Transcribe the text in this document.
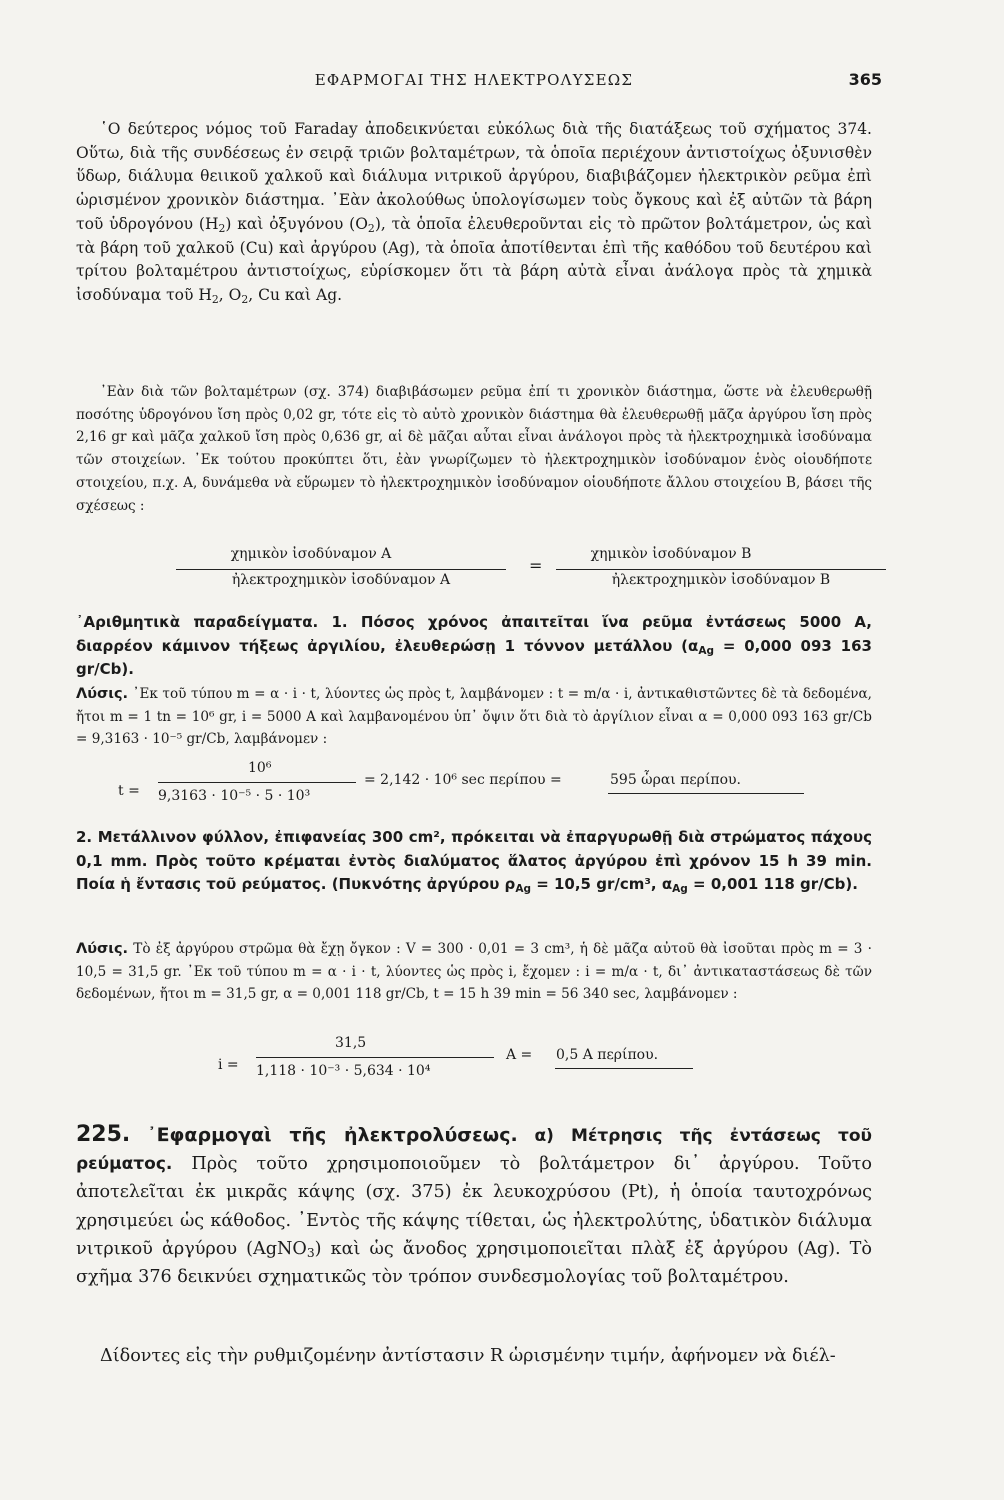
ΕΦΑΡΜΟΓΑΙ ΤΗΣ ΗΛΕΚΤΡΟΛΥΣΕΩΣ	365

῾Ο δεύτερος νόμος τοῦ Faraday ἀποδεικνύεται εὐκόλως διὰ τῆς διατάξεως τοῦ σχήματος 374. Οὕτω, διὰ τῆς συνδέσεως ἐν σειρᾷ τριῶν βολταμέτρων, τὰ ὁποῖα περιέχουν ἀντιστοίχως ὀξυνισθὲν ὕδωρ, διάλυμα θειικοῦ χαλκοῦ καὶ διάλυμα νιτρικοῦ ἀργύρου, διαβιβάζομεν ἠλεκτρικὸν ρεῦμα ἐπὶ ὡρισμένον χρονικὸν διάστημα. ᾿Εὰν ἀκολούθως ὑπολογίσωμεν τοὺς ὄγκους καὶ ἐξ αὐτῶν τὰ βάρη τοῦ ὑδρογόνου $(H_2)$ καὶ ὀξυγόνου $(O_2)$, τὰ ὁποῖα ἐλευθεροῦνται εἰς τὸ πρῶτον βολτάμετρον, ὡς καὶ τὰ βάρη τοῦ χαλκοῦ (Cu) καὶ ἀργύρου (Ag), τὰ ὁποῖα ἀποτίθενται ἐπὶ τῆς καθόδου τοῦ δευτέρου καὶ τρίτου βολταμέτρου ἀντιστοίχως, εὑρίσκομεν ὅτι τὰ βάρη αὐτὰ εἶναι ἀνάλογα πρὸς τὰ χημικὰ ἰσοδύναμα τοῦ $H_2$, $O_2$, Cu καὶ Ag.

᾿Εὰν διὰ τῶν βολταμέτρων (σχ. 374) διαβιβάσωμεν ρεῦμα ἐπί τι χρονικὸν διάστημα, ὥστε νὰ ἐλευθερωθῇ ποσότης ὑδρογόνου ἴση πρὸς 0,02 gr, τότε εἰς τὸ αὐτὸ χρονικὸν διάστημα θὰ ἐλευθερωθῇ μᾶζα ἀργύρου ἴση πρὸς 2,16 gr καὶ μᾶζα χαλκοῦ ἴση πρὸς 0,636 gr, αἱ δὲ μᾶζαι αὗται εἶναι ἀνάλογοι πρὸς τὰ ἠλεκτροχημικὰ ἰσοδύναμα τῶν στοιχείων. ᾿Εκ τούτου προκύπτει ὅτι, ἐὰν γνωρίζωμεν τὸ ἠλεκτροχημικὸν ἰσοδύναμον ἑνὸς οἱουδήποτε στοιχείου, π.χ. A, δυνάμεθα νὰ εὕρωμεν τὸ ἠλεκτροχημικὸν ἰσοδύναμον οἱουδήποτε ἄλλου στοιχείου B, βάσει τῆς σχέσεως :

χημικὸν ἰσοδύναμον A
ἠλεκτροχημικὸν ἰσοδύναμον A
=
χημικὸν ἰσοδύναμον B
ἠλεκτροχημικὸν ἰσοδύναμον B

᾿Αριθμητικὰ παραδείγματα. 1. Πόσος χρόνος ἀπαιτεῖται ἵνα ρεῦμα ἐντάσεως 5000 A, διαρρέον κάμινον τήξεως ἀργιλίου, ἐλευθερώσῃ 1 τόννον μετάλλου ($\alpha_{Ag} = 0,000$ 093 163 gr/Cb).

Λύσις. ᾿Εκ τοῦ τύπου m = α · i · t, λύοντες ὡς πρὸς t, λαμβάνομεν : t = m/α · i, ἀντικαθιστῶντες δὲ τὰ δεδομένα, ἤτοι m = 1 tn = 10⁶ gr, i = 5000 A καὶ λαμβανομένου ὑπ᾿ ὄψιν ὅτι διὰ τὸ ἀργίλιον εἶναι α = 0,000 093 163 gr/Cb = 9,3163 · 10⁻⁵ gr/Cb, λαμβάνομεν :

t =
10⁶
9,3163 · 10⁻⁵ · 5 · 10³
= 2,142 · 10⁶ sec περίπου =	595 ὧραι περίπου.

2. Μετάλλινον φύλλον, ἐπιφανείας 300 cm², πρόκειται νὰ ἐπαργυρωθῇ διὰ στρώματος πάχους 0,1 mm. Πρὸς τοῦτο κρέμαται ἐντὸς διαλύματος ἅλατος ἀργύρου ἐπὶ χρόνον 15 h 39 min. Ποία ἡ ἔντασις τοῦ ρεύματος. (Πυκνότης ἀργύρου $\rho_{Ag} = 10,5$ gr/cm³, $\alpha_{Ag} = 0,001$ 118 gr/Cb).

Λύσις. Τὸ ἐξ ἀργύρου στρῶμα θὰ ἔχῃ ὄγκον : V = 300 · 0,01 = 3 cm³, ἡ δὲ μᾶζα αὐτοῦ θὰ ἰσοῦται πρὸς m = 3 · 10,5 = 31,5 gr. ᾿Εκ τοῦ τύπου m = α · i · t, λύοντες ὡς πρὸς i, ἔχομεν : i = m/α · t, δι᾿ ἀντικαταστάσεως δὲ τῶν δεδομένων, ἤτοι m = 31,5 gr, α = 0,001 118 gr/Cb, t = 15 h 39 min = 56 340 sec, λαμβάνομεν :

i =
31,5
1,118 · 10⁻³ · 5,634 · 10⁴
A = 0,5 A περίπου.

225. ᾿Εφαρμογαὶ τῆς ἠλεκτρολύσεως. α) Μέτρησις τῆς ἐντάσεως τοῦ ρεύματος. Πρὸς τοῦτο χρησιμοποιοῦμεν τὸ βολτάμετρον δι᾿ ἀργύρου. Τοῦτο ἀποτελεῖται ἐκ μικρᾶς κάψης (σχ. 375) ἐκ λευκοχρύσου (Pt), ἡ ὁποία ταυτοχρόνως χρησιμεύει ὡς κάθοδος. ᾿Εντὸς τῆς κάψης τίθεται, ὡς ἠλεκτρολύτης, ὑδατικὸν διάλυμα νιτρικοῦ ἀργύρου (AgNO$_3$) καὶ ὡς ἄνοδος χρησιμοποιεῖται πλὰξ ἐξ ἀργύρου (Ag). Τὸ σχῆμα 376 δεικνύει σχηματικῶς τὸν τρόπον συνδεσμολογίας τοῦ βολταμέτρου.

Δίδοντες εἰς τὴν ρυθμιζομένην ἀντίστασιν R ὡρισμένην τιμήν, ἀφήνομεν νὰ διέλ-
